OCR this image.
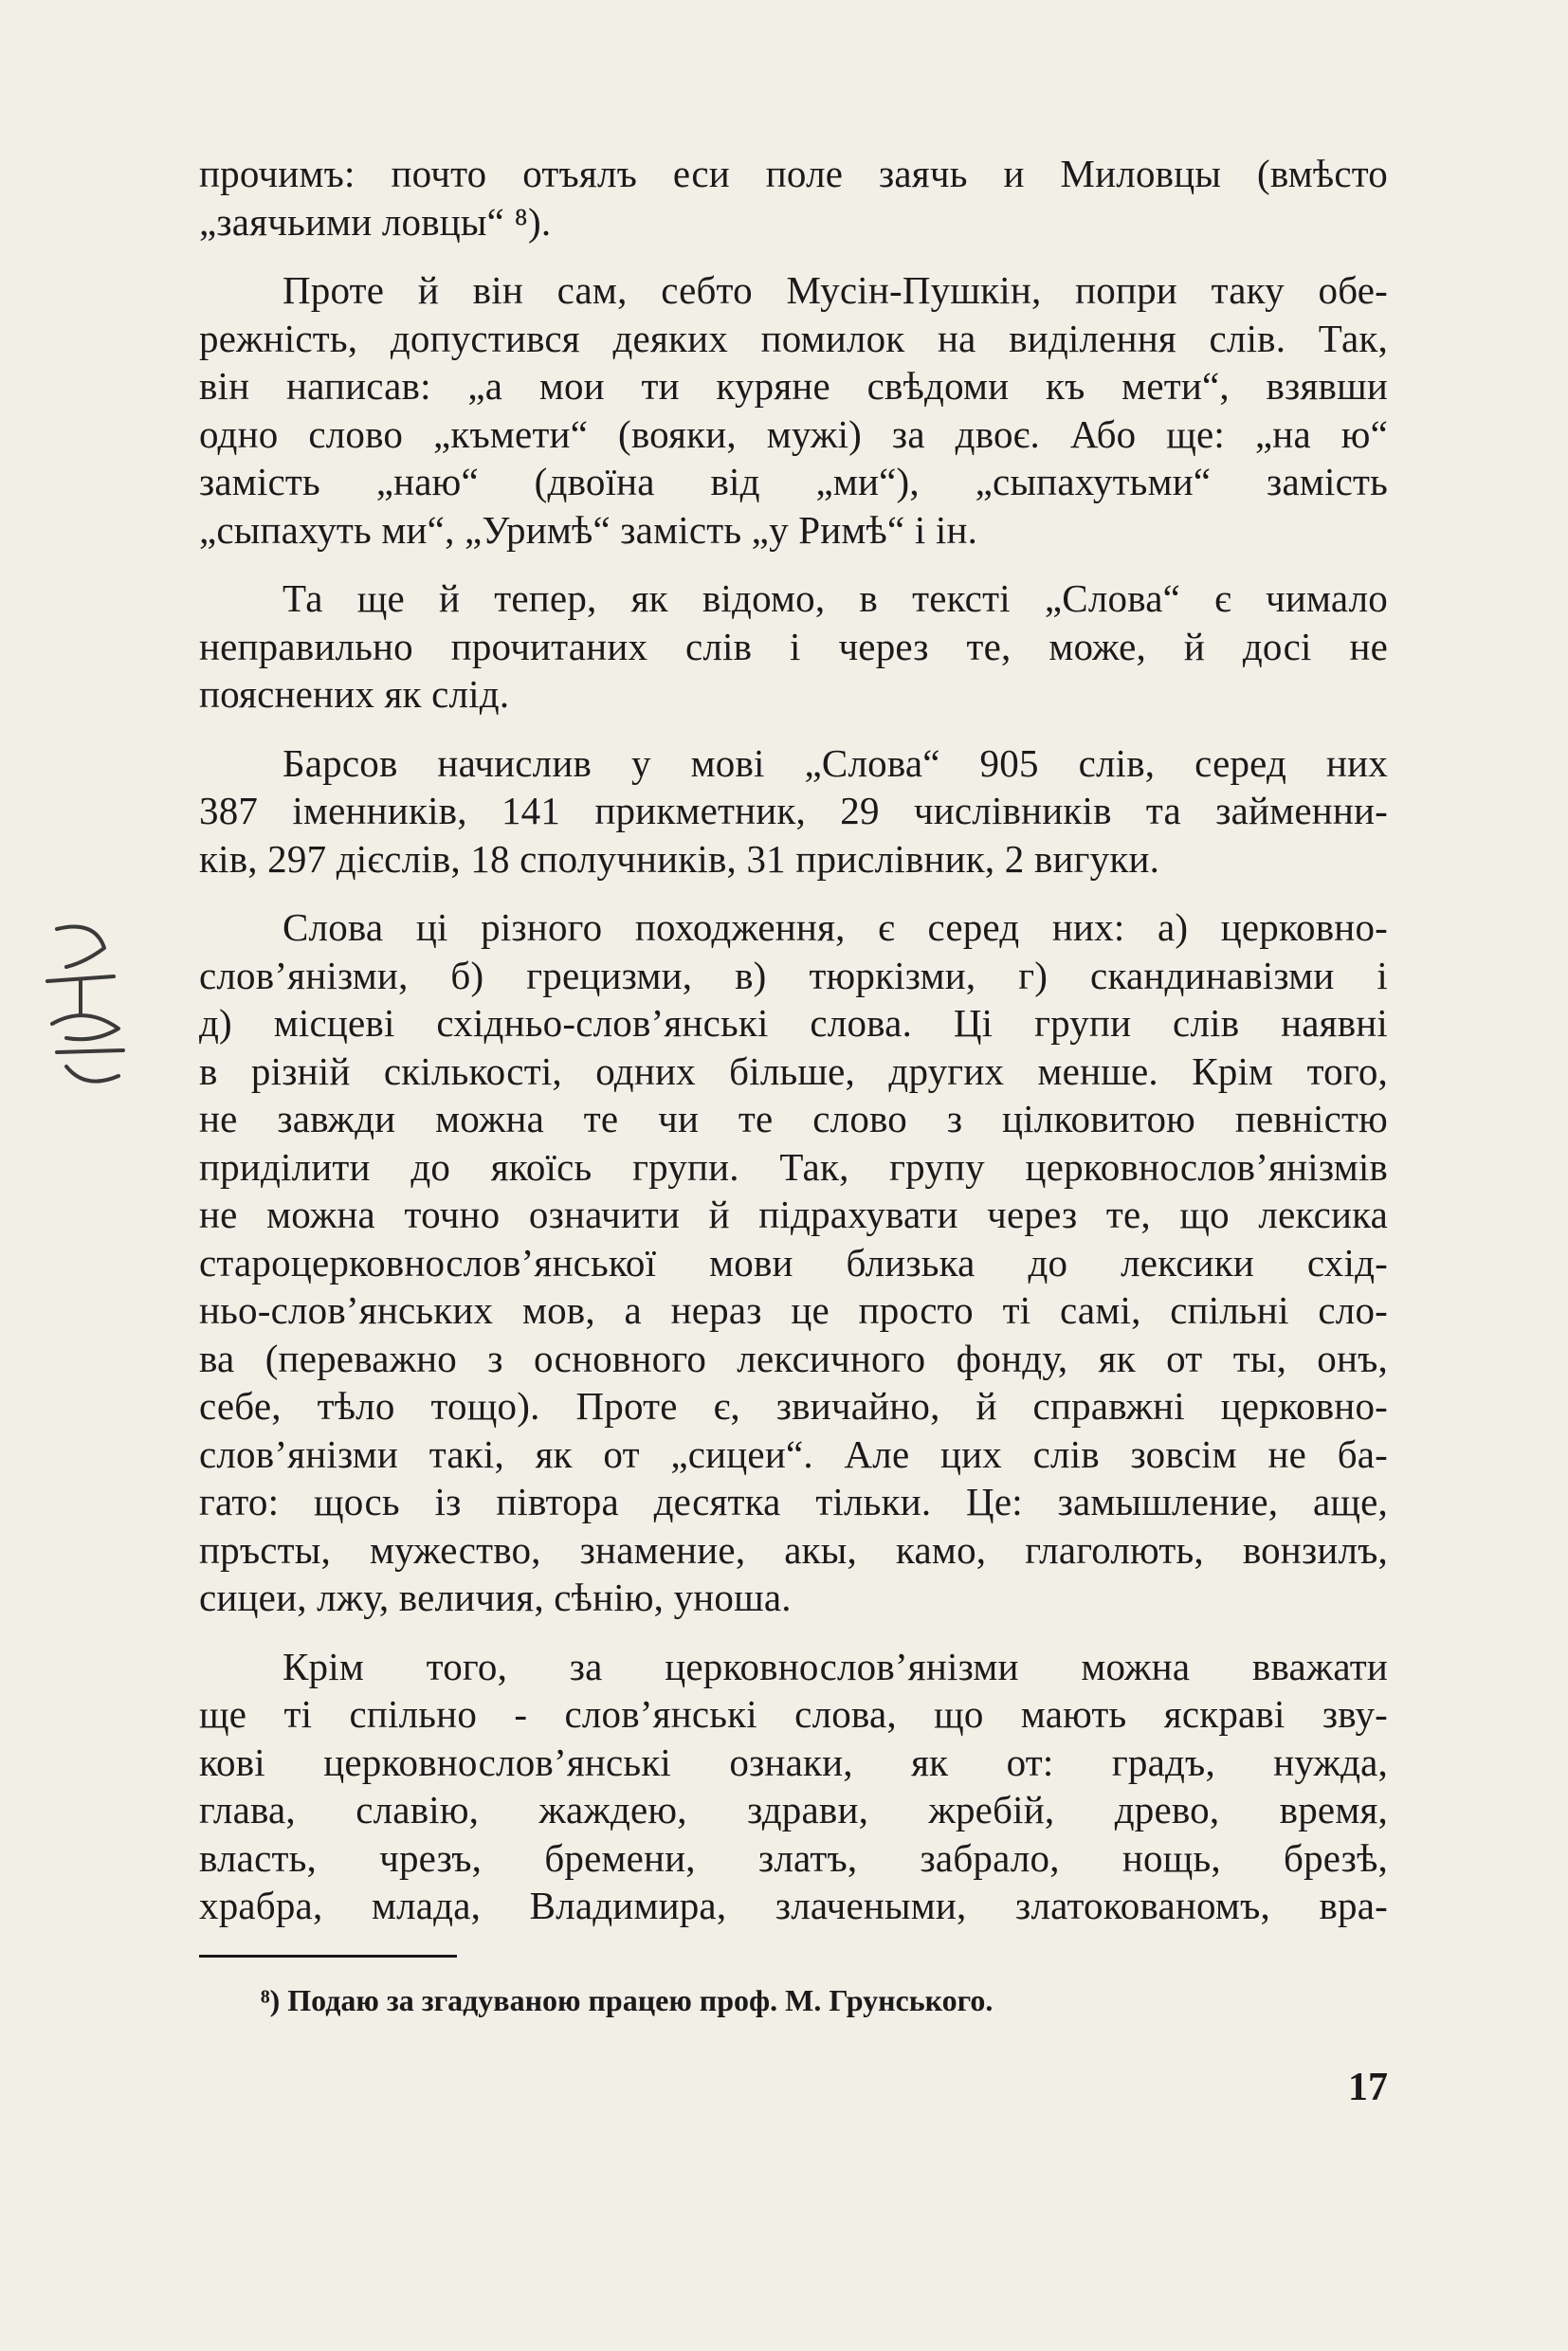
прочимъ: почто отъялъ еси поле заячь и Миловцы (вмѣсто
„заячьими ловцы“ ⁸).
Проте й він сам, себто Мусін-Пушкін, попри таку обе-
режність, допустився деяких помилок на виділення слів. Так,
він написав: „а мои ти куряне свѣдоми къ мети“, взявши
одно слово „къмети“ (вояки, мужі) за двоє. Або ще: „на ю“
замість „наю“ (двоїна від „ми“), „сыпахутьми“ замість
„сыпахуть ми“, „Уримѣ“ замість „у Римѣ“ і ін.
Та ще й тепер, як відомо, в тексті „Слова“ є чимало
неправильно прочитаних слів і через те, може, й досі не
пояснених як слід.
Барсов начислив у мові „Слова“ 905 слів, серед них
387 іменників, 141 прикметник, 29 числівників та займенни-
ків, 297 дієслів, 18 сполучників, 31 прислівник, 2 вигуки.
Слова ці різного походження, є серед них: а) церковно-
слов’янізми, б) грецизми, в) тюркізми, г) скандинавізми і
д) місцеві східньо-слов’янські слова. Ці групи слів наявні
в різній скількості, одних більше, других менше. Крім того,
не завжди можна те чи те слово з цілковитою певністю
приділити до якоїсь групи. Так, групу церковнослов’янізмів
не можна точно означити й підрахувати через те, що лексика
староцерковнослов’янської мови близька до лексики схід-
ньо-слов’янських мов, а нераз це просто ті самі, спільні сло-
ва (переважно з основного лексичного фонду, як от ты, онъ,
себе, тѣло тощо). Проте є, звичайно, й справжні церковно-
слов’янізми такі, як от „сицеи“. Але цих слів зовсім не ба-
гато: щось із півтора десятка тільки. Це: замышление, аще,
пръсты, мужество, знамение, акы, камо, глаголють, вонзилъ,
сицеи, лжу, величия, сѣнію, уноша.
Крім того, за церковнослов’янізми можна вважати
ще ті спільно - слов’янські слова, що мають яскраві зву-
кові церковнослов’янські ознаки, як от: градъ, нужда,
глава, славію, жаждею, здрави, жребій, древо, время,
власть, чрезъ, бремени, златъ, забрало, нощь, брезѣ,
храбра, млада, Владимира, злачеными, златокованомъ, вра-
⁸) Подаю за згадуваною працею проф. М. Грунського.
17
